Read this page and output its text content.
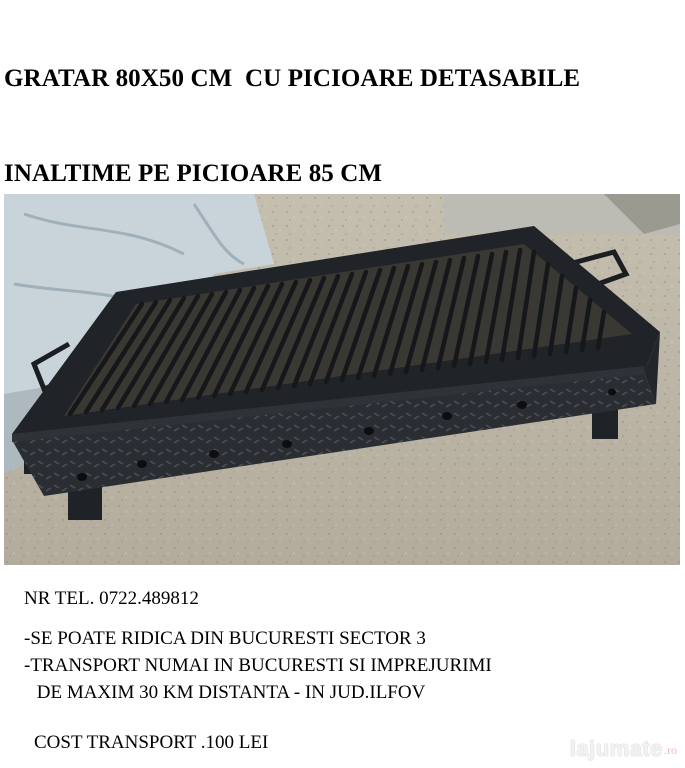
GRATAR 80X50 CM  CU PICIOARE DETASABILE

INALTIME PE PICIOARE 85 CM

NR TEL. 0722.489812
-SE POATE RIDICA DIN BUCURESTI SECTOR 3
-TRANSPORT NUMAI IN BUCURESTI SI IMPREJURIMI
DE MAXIM 30 KM DISTANTA - IN JUD.ILFOV
COST TRANSPORT .100 LEI	lajumate .ro
